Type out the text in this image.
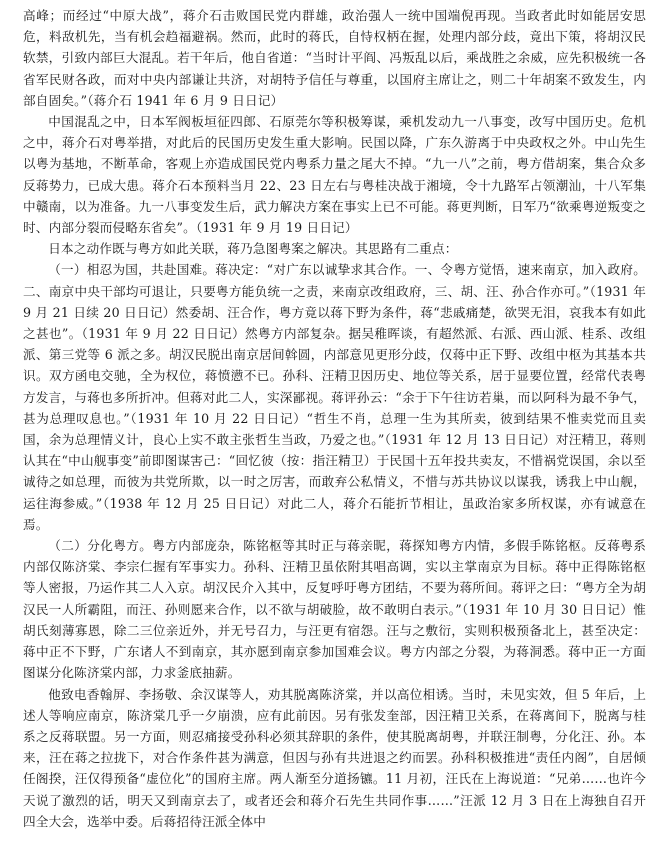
高峰；而经过“中原大战”，蒋介石击败国民党内群雄，政治强人一统中国端倪再现。当政者此时如能居安思危，料敌机先，当有机会趋福避祸。然而，此时的蒋氏，自恃权柄在握，处理内部分歧，竟出下策，将胡汉民软禁，引致内部巨大混乱。若干年后，他自省道：“当时计平阎、冯叛乱以后，乘战胜之余威，应先积极统一各省军民财各政，而对中央内部谦让共济，对胡特予信任与尊重，以国府主席让之，则二十年胡案不致发生，内部自固矣。”（蒋介石 1941 年 6 月 9 日日记）

中国混乱之中，日本军阀板垣征四郎、石原莞尔等积极筹谋，乘机发动九一八事变，改写中国历史。危机之中，蒋介石对粤举措，对此后的民国历史发生重大影响。民国以降，广东久游离于中央政权之外。中山先生以粤为基地，不断革命，客观上亦造成国民党内粤系力量之尾大不掉。“九一八”之前，粤方借胡案，集合众多反蒋势力，已成大患。蒋介石本预料当月 22、23 日左右与粤桂决战于湘境，令十九路军占领潮汕，十八军集中赣南，以为准备。九一八事变发生后，武力解决方案在事实上已不可能。蒋更判断，日军乃“欲乘粤逆叛变之时、内部分裂而侵略东省矣”。（1931 年 9 月 19 日日记）

日本之动作既与粤方如此关联，蒋乃急图粤案之解决。其思路有二重点：

（一）相忍为国，共赴国难。蒋决定：“对广东以诚挚求其合作。一、令粤方觉悟，速来南京，加入政府。二、南京中央干部均可退让，只要粤方能负统一之责，来南京改组政府，三、胡、汪、孙合作亦可。”（1931 年 9 月 21 日续 20 日日记）然委胡、汪合作，粤方竟以蒋下野为条件，蒋“悲戚痛楚，欲哭无泪，哀我本有如此之甚也”。（1931 年 9 月 22 日日记）然粤方内部复杂。据吴稚晖谈，有超然派、右派、西山派、桂系、改组派、第三党等 6 派之多。胡汉民脱出南京居间斡圆，内部意见更形分歧，仅蒋中正下野、改组中枢为其基本共识。双方函电交驰，全为权位，蒋愤懑不已。孙科、汪精卫因历史、地位等关系，居于显要位置，经常代表粤方发言，与蒋也多所折冲。但蒋对此二人，实深鄙视。蒋评孙云：“余于下午往访若巢，而以阿科为最不争气，甚为总理叹息也。”（1931 年 10 月 22 日日记）“哲生不肖，总理一生为其所卖，彼到结果不惟卖党而且卖国，余为总理情义计，良心上实不敢主张哲生当政，乃爱之也。”（1931 年 12 月 13 日日记）对汪精卫，蒋则认其在“中山舰事变”前即图谋害己：“回忆彼（按：指汪精卫）于民国十五年投共卖友，不惜祸党误国，余以至诚待之如总理，而彼为共党所欺，以一时之厉害，而敢弃公私情义，不惜与苏共协议以谋我，诱我上中山舰，运往海参威。”（1938 年 12 月 25 日日记）对此二人，蒋介石能折节相让，虽政治家多所权谋，亦有诚意在焉。

（二）分化粤方。粤方内部庞杂，陈铭枢等其时正与蒋亲昵，蒋探知粤方内情，多假手陈铭枢。反蒋粤系内部仅陈济棠、李宗仁握有军事实力。孙科、汪精卫虽依附其唱高调，实以主掌南京为目标。蒋中正得陈铭枢等人密报，乃运作其二人入京。胡汉民介入其中，反复呼吁粤方团结，不要为蒋所间。蒋评之曰：“粤方全为胡汉民一人所霸阻，而汪、孙则愿来合作，以不欲与胡破脸，故不敢明白表示。”（1931 年 10 月 30 日日记）惟胡氏刻薄寡恩，除二三位亲近外，并无号召力，与汪更有宿怨。汪与之敷衍，实则积极预备北上，甚至决定：蒋中正不下野，广东诸人不到南京，其亦愿到南京参加国难会议。粤方内部之分裂，为蒋洞悉。蒋中正一方面图谋分化陈济棠内部，力求釜底抽薪。

他致电香翰屏、李扬敬、余汉谋等人，劝其脱离陈济棠，并以高位相诱。当时，未见实效，但 5 年后，上述人等响应南京，陈济棠几乎一夕崩溃，应有此前因。另有张发奎部，因汪精卫关系，在蒋离间下，脱离与桂系之反蒋联盟。另一方面，则忍痛接受孙科必须其辞职的条件，使其脱离胡粤，并联汪制粤，分化汪、孙。本来，汪在蒋之拉拢下，对合作条件甚为满意，但因与孙有共进退之约而罢。孙科积极推进“责任内阁”，自居倾任阁揆，汪仅得预备“虚位化”的国府主席。两人渐至分道扬镳。11 月初，汪氏在上海说道：“兄弟……也许今天说了激烈的话，明天又到南京去了，或者还会和蒋介石先生共同作事……”汪派 12 月 3 日在上海独自召开四全大会，选举中委。后蒋招待汪派全体中
